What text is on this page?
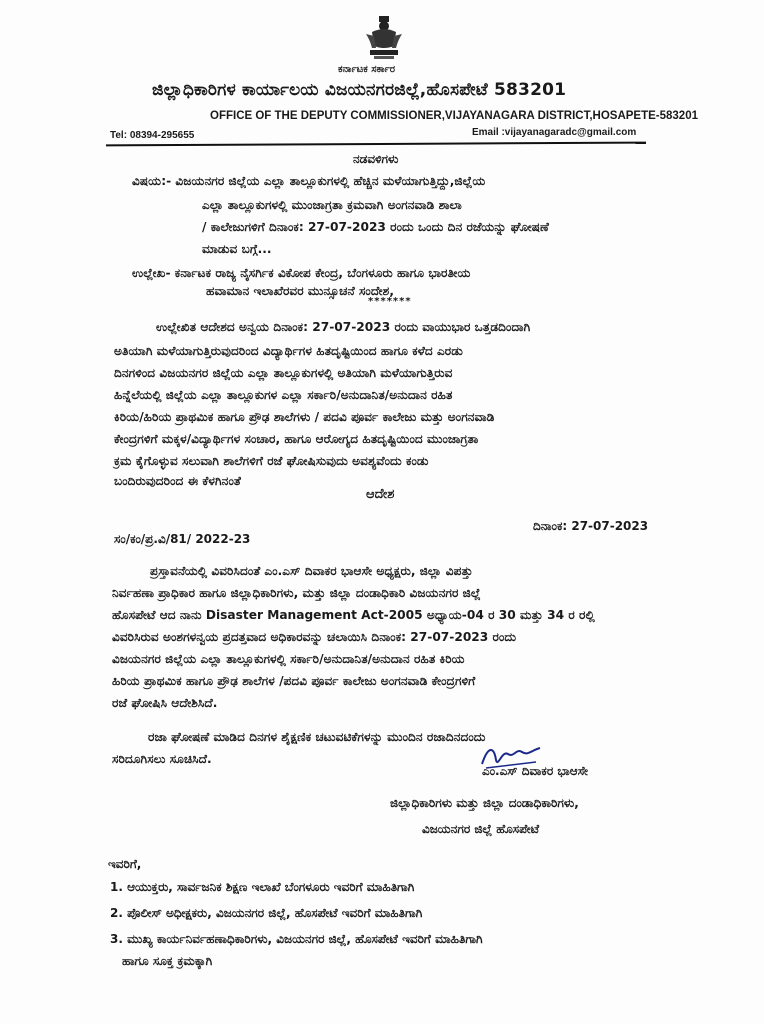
ಕರ್ನಾಟಕ ಸರ್ಕಾರ
ಜಿಲ್ಲಾಧಿಕಾರಿಗಳ ಕಾರ್ಯಾಲಯ ವಿಜಯನಗರಜಿಲ್ಲೆ,ಹೊಸಪೇಟೆ 583201
OFFICE OF THE DEPUTY COMMISSIONER,VIJAYANAGARA DISTRICT,HOSAPETE-583201
Tel: 08394-295655	Email :vijayanagaradc@gmail.com
ನಡವಳಿಗಳು
ವಿಷಯ:- ವಿಜಯನಗರ ಜಿಲ್ಲೆಯ ಎಲ್ಲಾ ತಾಲ್ಲೂಕುಗಳಲ್ಲಿ ಹೆಚ್ಚಿನ ಮಳೆಯಾಗುತ್ತಿದ್ದು,ಜಿಲ್ಲೆಯ
ಎಲ್ಲಾ ತಾಲ್ಲೂಕುಗಳಲ್ಲಿ ಮುಂಜಾಗ್ರತಾ ಕ್ರಮವಾಗಿ ಅಂಗನವಾಡಿ ಶಾಲಾ
/ ಕಾಲೇಜುಗಳಿಗೆ ದಿನಾಂಕ: 27-07-2023 ರಂದು ಒಂದು ದಿನ ರಜೆಯನ್ನು ಘೋಷಣೆ
ಮಾಡುವ ಬಗ್ಗೆ...
ಉಲ್ಲೇಖ- ಕರ್ನಾಟಕ ರಾಜ್ಯ ನೈಸರ್ಗಿಕ ವಿಕೋಪ ಕೇಂದ್ರ, ಬೆಂಗಳೂರು ಹಾಗೂ ಭಾರತೀಯ
ಹವಾಮಾನ ಇಲಾಖೆರವರ ಮುನ್ಸೂಚನೆ ಸಂದೇಶ,
*******
ಉಲ್ಲೇಖಿತ ಆದೇಶದ ಅನ್ವಯ ದಿನಾಂಕ: 27-07-2023 ರಂದು ವಾಯುಭಾರ ಒತ್ತಡದಿಂದಾಗಿ
ಅತಿಯಾಗಿ ಮಳೆಯಾಗುತ್ತಿರುವುದರಿಂದ ವಿದ್ಯಾರ್ಥಿಗಳ ಹಿತದೃಷ್ಟಿಯಿಂದ ಹಾಗೂ ಕಳೆದ ಎರಡು
ದಿನಗಳಿಂದ ವಿಜಯನಗರ ಜಿಲ್ಲೆಯ ಎಲ್ಲಾ ತಾಲ್ಲೂಕುಗಳಲ್ಲಿ ಅತಿಯಾಗಿ ಮಳೆಯಾಗುತ್ತಿರುವ
ಹಿನ್ನೆಲೆಯಲ್ಲಿ ಜಿಲ್ಲೆಯ ಎಲ್ಲಾ ತಾಲ್ಲೂಕುಗಳ ಎಲ್ಲಾ ಸರ್ಕಾರಿ/ಅನುದಾನಿತ/ಅನುದಾನ ರಹಿತ
ಕಿರಿಯ/ಹಿರಿಯ ಪ್ರಾಥಮಿಕ ಹಾಗೂ ಪ್ರೌಢ ಶಾಲೆಗಳು / ಪದವಿ ಪೂರ್ವ ಕಾಲೇಜು ಮತ್ತು ಅಂಗನವಾಡಿ
ಕೇಂದ್ರಗಳಿಗೆ ಮಕ್ಕಳ/ವಿದ್ಯಾರ್ಥಿಗಳ ಸಂಚಾರ, ಹಾಗೂ ಆರೋಗ್ಯದ ಹಿತದೃಷ್ಟಿಯಿಂದ ಮುಂಜಾಗ್ರತಾ
ಕ್ರಮ ಕೈಗೊಳ್ಳುವ ಸಲುವಾಗಿ ಶಾಲೆಗಳಿಗೆ ರಜೆ ಘೋಷಿಸುವುದು ಅವಶ್ಯವೆಂದು ಕಂಡು
ಬಂದಿರುವುದರಿಂದ ಈ ಕೆಳಗಿನಂತೆ
ಆದೇಶ
ದಿನಾಂಕ: 27-07-2023
ಸಂ/ಕಂ/ಪ್ರ.ವಿ/81/ 2022-23
ಪ್ರಸ್ತಾವನೆಯಲ್ಲಿ ವಿವರಿಸಿದಂತೆ ಎಂ.ಎಸ್ ದಿವಾಕರ ಭಾಆಸೇ ಅಧ್ಯಕ್ಷರು, ಜಿಲ್ಲಾ ವಿಪತ್ತು
ನಿರ್ವಹಣಾ ಪ್ರಾಧಿಕಾರ ಹಾಗೂ ಜಿಲ್ಲಾಧಿಕಾರಿಗಳು, ಮತ್ತು ಜಿಲ್ಲಾ ದಂಡಾಧಿಕಾರಿ ವಿಜಯನಗರ ಜಿಲ್ಲೆ
ಹೊಸಪೇಟೆ ಆದ ನಾನು Disaster Management Act-2005 ಅಧ್ಯಾಯ-04 ರ 30 ಮತ್ತು 34 ರ ರಲ್ಲಿ
ವಿವರಿಸಿರುವ ಅಂಶಗಳನ್ವಯ ಪ್ರದತ್ತವಾದ ಅಧಿಕಾರವನ್ನು ಚಲಾಯಿಸಿ ದಿನಾಂಕ: 27-07-2023 ರಂದು
ವಿಜಯನಗರ ಜಿಲ್ಲೆಯ ಎಲ್ಲಾ ತಾಲ್ಲೂಕುಗಳಲ್ಲಿ ಸರ್ಕಾರಿ/ಅನುದಾನಿತ/ಅನುದಾನ ರಹಿತ ಕಿರಿಯ
ಹಿರಿಯ ಪ್ರಾಥಮಿಕ ಹಾಗೂ ಪ್ರೌಢ ಶಾಲೆಗಳ /ಪದವಿ ಪೂರ್ವ ಕಾಲೇಜು ಅಂಗನವಾಡಿ ಕೇಂದ್ರಗಳಿಗೆ
ರಜೆ ಘೋಷಿಸಿ ಆದೇಶಿಸಿದೆ.
ರಜಾ ಘೋಷಣೆ ಮಾಡಿದ ದಿನಗಳ ಶೈಕ್ಷಣಿಕ ಚಟುವಟಿಕೆಗಳನ್ನು ಮುಂದಿನ ರಜಾದಿನದಂದು
ಸರಿದೂಗಿಸಲು ಸೂಚಿಸಿದೆ.
ಎಂ.ಎಸ್ ದಿವಾಕರ ಭಾಆಸೇ
ಜಿಲ್ಲಾಧಿಕಾರಿಗಳು ಮತ್ತು ಜಿಲ್ಲಾ ದಂಡಾಧಿಕಾರಿಗಳು,
ವಿಜಯನಗರ ಜಿಲ್ಲೆ ಹೊಸಪೇಟೆ
ಇವರಿಗೆ,
1. ಆಯುಕ್ತರು, ಸಾರ್ವಜನಿಕ ಶಿಕ್ಷಣ ಇಲಾಖೆ ಬೆಂಗಳೂರು ಇವರಿಗೆ ಮಾಹಿತಿಗಾಗಿ
2. ಪೊಲೀಸ್ ಅಧೀಕ್ಷಕರು, ವಿಜಯನಗರ ಜಿಲ್ಲೆ, ಹೊಸಪೇಟೆ ಇವರಿಗೆ ಮಾಹಿತಿಗಾಗಿ
3. ಮುಖ್ಯ ಕಾರ್ಯನಿರ್ವಹಣಾಧಿಕಾರಿಗಳು, ವಿಜಯನಗರ ಜಿಲ್ಲೆ, ಹೊಸಪೇಟೆ ಇವರಿಗೆ ಮಾಹಿತಿಗಾಗಿ
ಹಾಗೂ ಸೂಕ್ತ ಕ್ರಮಕ್ಕಾಗಿ
